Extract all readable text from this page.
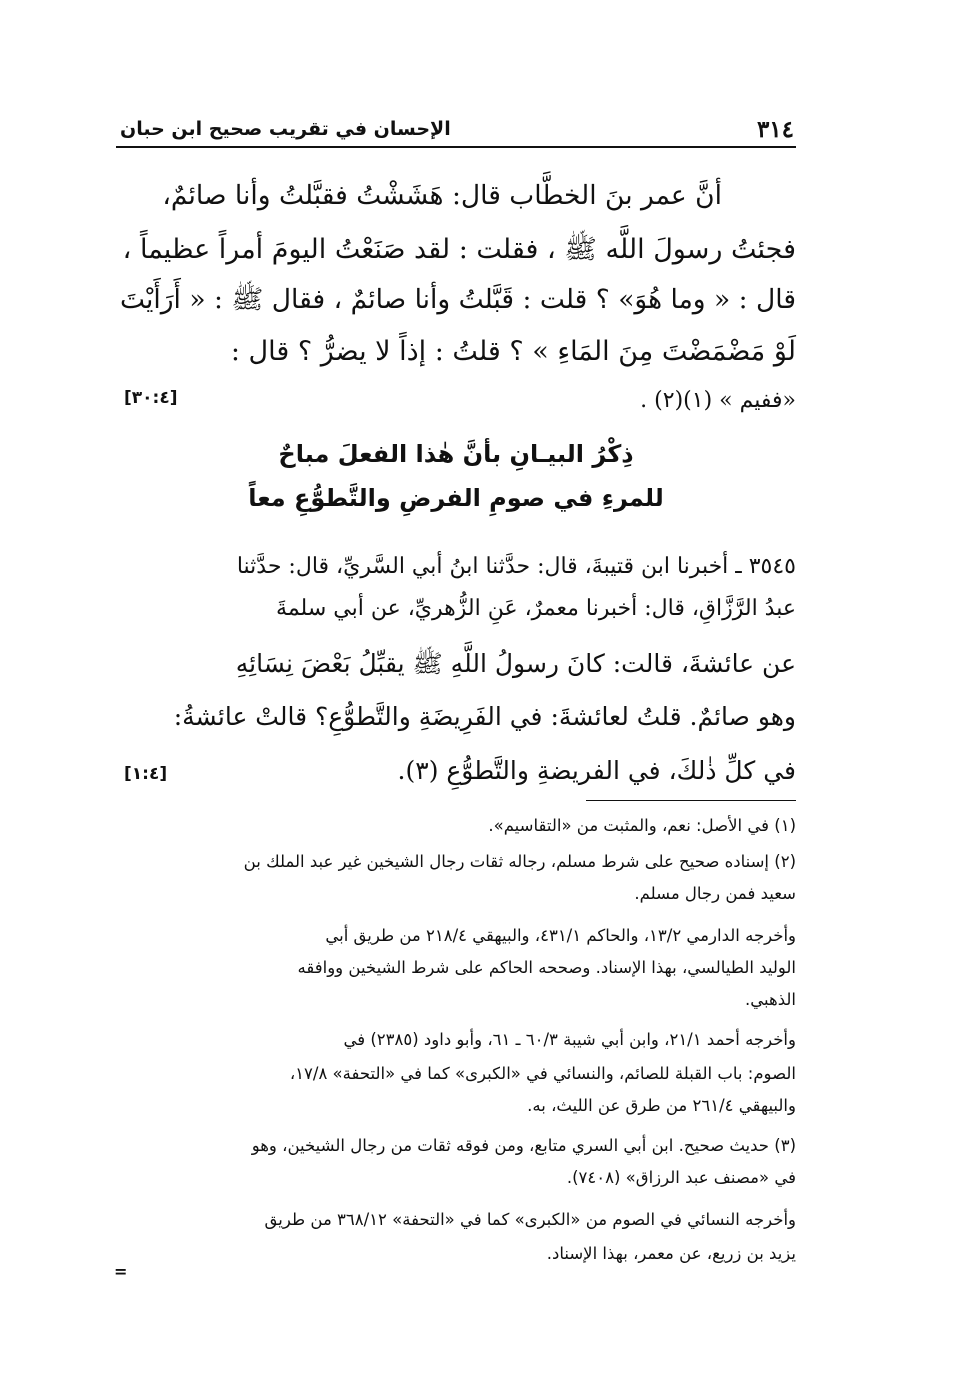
٣١٤
الإحسان في تقريب صحيح ابن حبان
أنَّ عمر بنَ الخطَّاب قال: هَشَشْتُ فقبَّلتُ وأنا صائمٌ،
فجئتُ رسولَ اللَّه ﷺ ، فقلت : لقد صَنَعْتُ اليومَ أمراً عظيماً ،
قال : « وما هُوَ» ؟ قلت : قَبَّلتُ وأنا صائمٌ ، فقال ﷺ : « أَرَأَيْتَ
لَوْ مَضْمَضْتَ مِنَ المَاءِ » ؟ قلتُ : إذاً لا يضرُّ ؟ قال :
«ففيم » (١)(٢) .
[٣٠:٤]
ذِكْرُ البيـانِ بأنَّ هٰذا الفعلَ مباحٌ
للمرءِ في صومِ الفرضِ والتَّطوُّعِ معاً
٣٥٤٥ ـ أخبرنا ابن قتيبةَ، قال: حدَّثنا ابنُ أبي السَّريِّ، قال: حدَّثنا
عبدُ الرَّزَّاقِ، قال: أخبرنا معمرٌ، عَنِ الزُّهريِّ، عن أبي سلمةَ
عن عائشةَ، قالت: كانَ رسولُ اللَّهِ ﷺ يقبِّلُ بَعْضَ نِسَائِهِ
وهو صائمٌ. قلتُ لعائشةَ: في الفَرِيضَةِ والتَّطوُّعِ؟ قالتْ عائشةُ:
في كلِّ ذٰلكَ، في الفريضةِ والتَّطوُّعِ (٣).
[١:٤]
(١) في الأصل: نعم، والمثبت من «التقاسيم».
(٢) إسناده صحيح على شرط مسلم، رجاله ثقات رجال الشيخين غير عبد الملك بن
سعيد فمن رجال مسلم.
وأخرجه الدارمي ١٣/٢، والحاكم ٤٣١/١، والبيهقي ٢١٨/٤ من طريق أبي
الوليد الطيالسي، بهذا الإسناد. وصححه الحاكم على شرط الشيخين ووافقه
الذهبي.
وأخرجه أحمد ٢١/١، وابن أبي شيبة ٦٠/٣ ـ ٦١، وأبو داود (٢٣٨٥) في
الصوم: باب القبلة للصائم، والنسائي في «الكبرى» كما في «التحفة» ١٧/٨،
والبيهقي ٢٦١/٤ من طرق عن الليث، به.
(٣) حديث صحيح. ابن أبي السري متابع، ومن فوقه ثقات من رجال الشيخين، وهو
في «مصنف عبد الرزاق» (٧٤٠٨).
وأخرجه النسائي في الصوم من «الكبرى» كما في «التحفة» ٣٦٨/١٢ من طريق
يزيد بن زريع، عن معمر، بهذا الإسناد.
=
